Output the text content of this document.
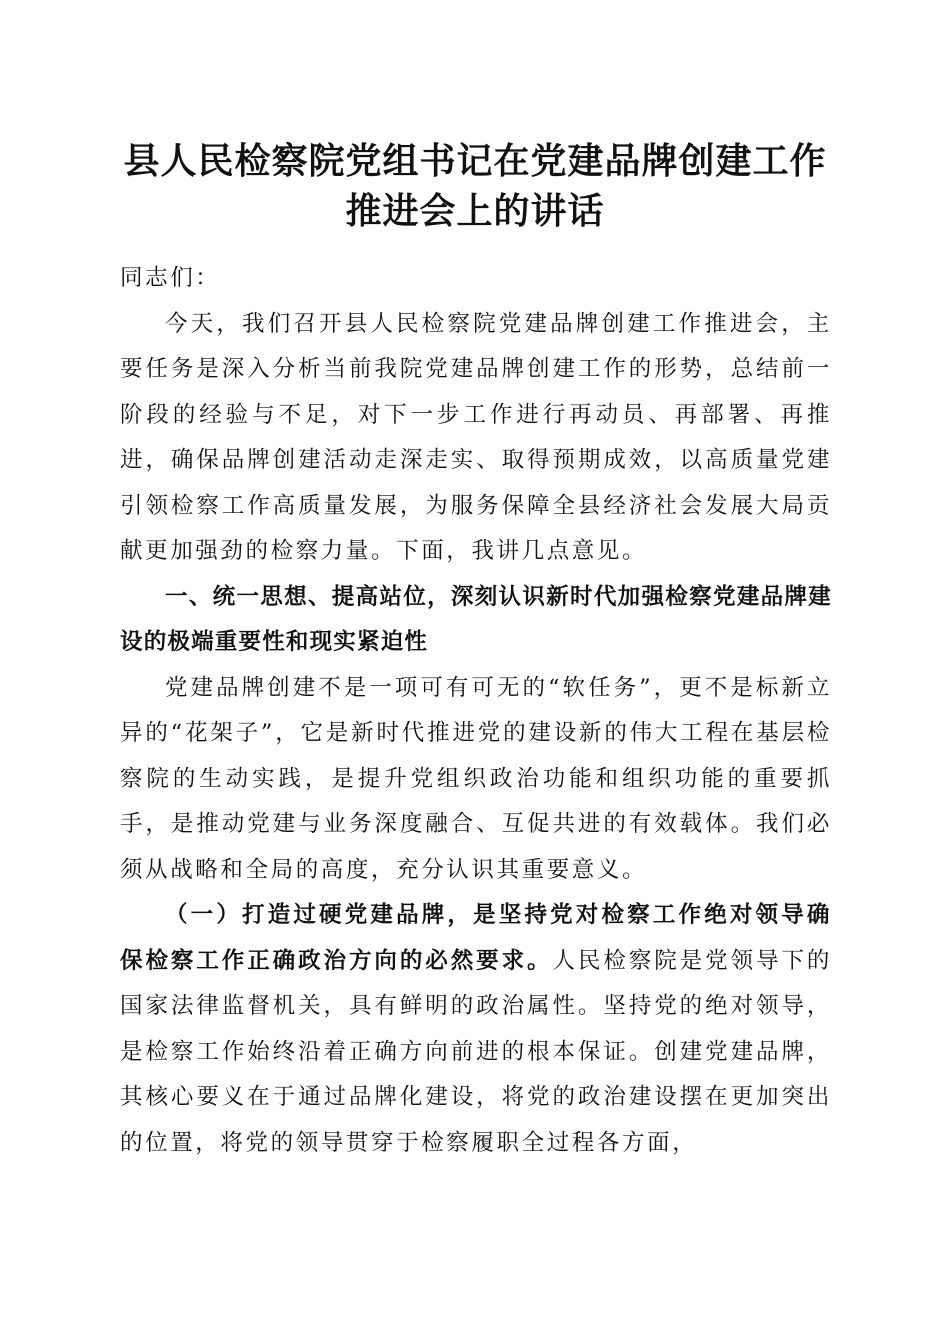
县人民检察院党组书记在党建品牌创建工作推进会上的讲话

同志们：

今天，我们召开县人民检察院党建品牌创建工作推进会，主要任务是深入分析当前我院党建品牌创建工作的形势，总结前一阶段的经验与不足，对下一步工作进行再动员、再部署、再推进，确保品牌创建活动走深走实、取得预期成效，以高质量党建引领检察工作高质量发展，为服务保障全县经济社会发展大局贡献更加强劲的检察力量。下面，我讲几点意见。

一、统一思想、提高站位，深刻认识新时代加强检察党建品牌建设的极端重要性和现实紧迫性

党建品牌创建不是一项可有可无的“软任务”，更不是标新立异的“花架子”，它是新时代推进党的建设新的伟大工程在基层检察院的生动实践，是提升党组织政治功能和组织功能的重要抓手，是推动党建与业务深度融合、互促共进的有效载体。我们必须从战略和全局的高度，充分认识其重要意义。

（一）打造过硬党建品牌，是坚持党对检察工作绝对领导确保检察工作正确政治方向的必然要求。人民检察院是党领导下的国家法律监督机关，具有鲜明的政治属性。坚持党的绝对领导，是检察工作始终沿着正确方向前进的根本保证。创建党建品牌，其核心要义在于通过品牌化建设，将党的政治建设摆在更加突出的位置，将党的领导贯穿于检察履职全过程各方面，
